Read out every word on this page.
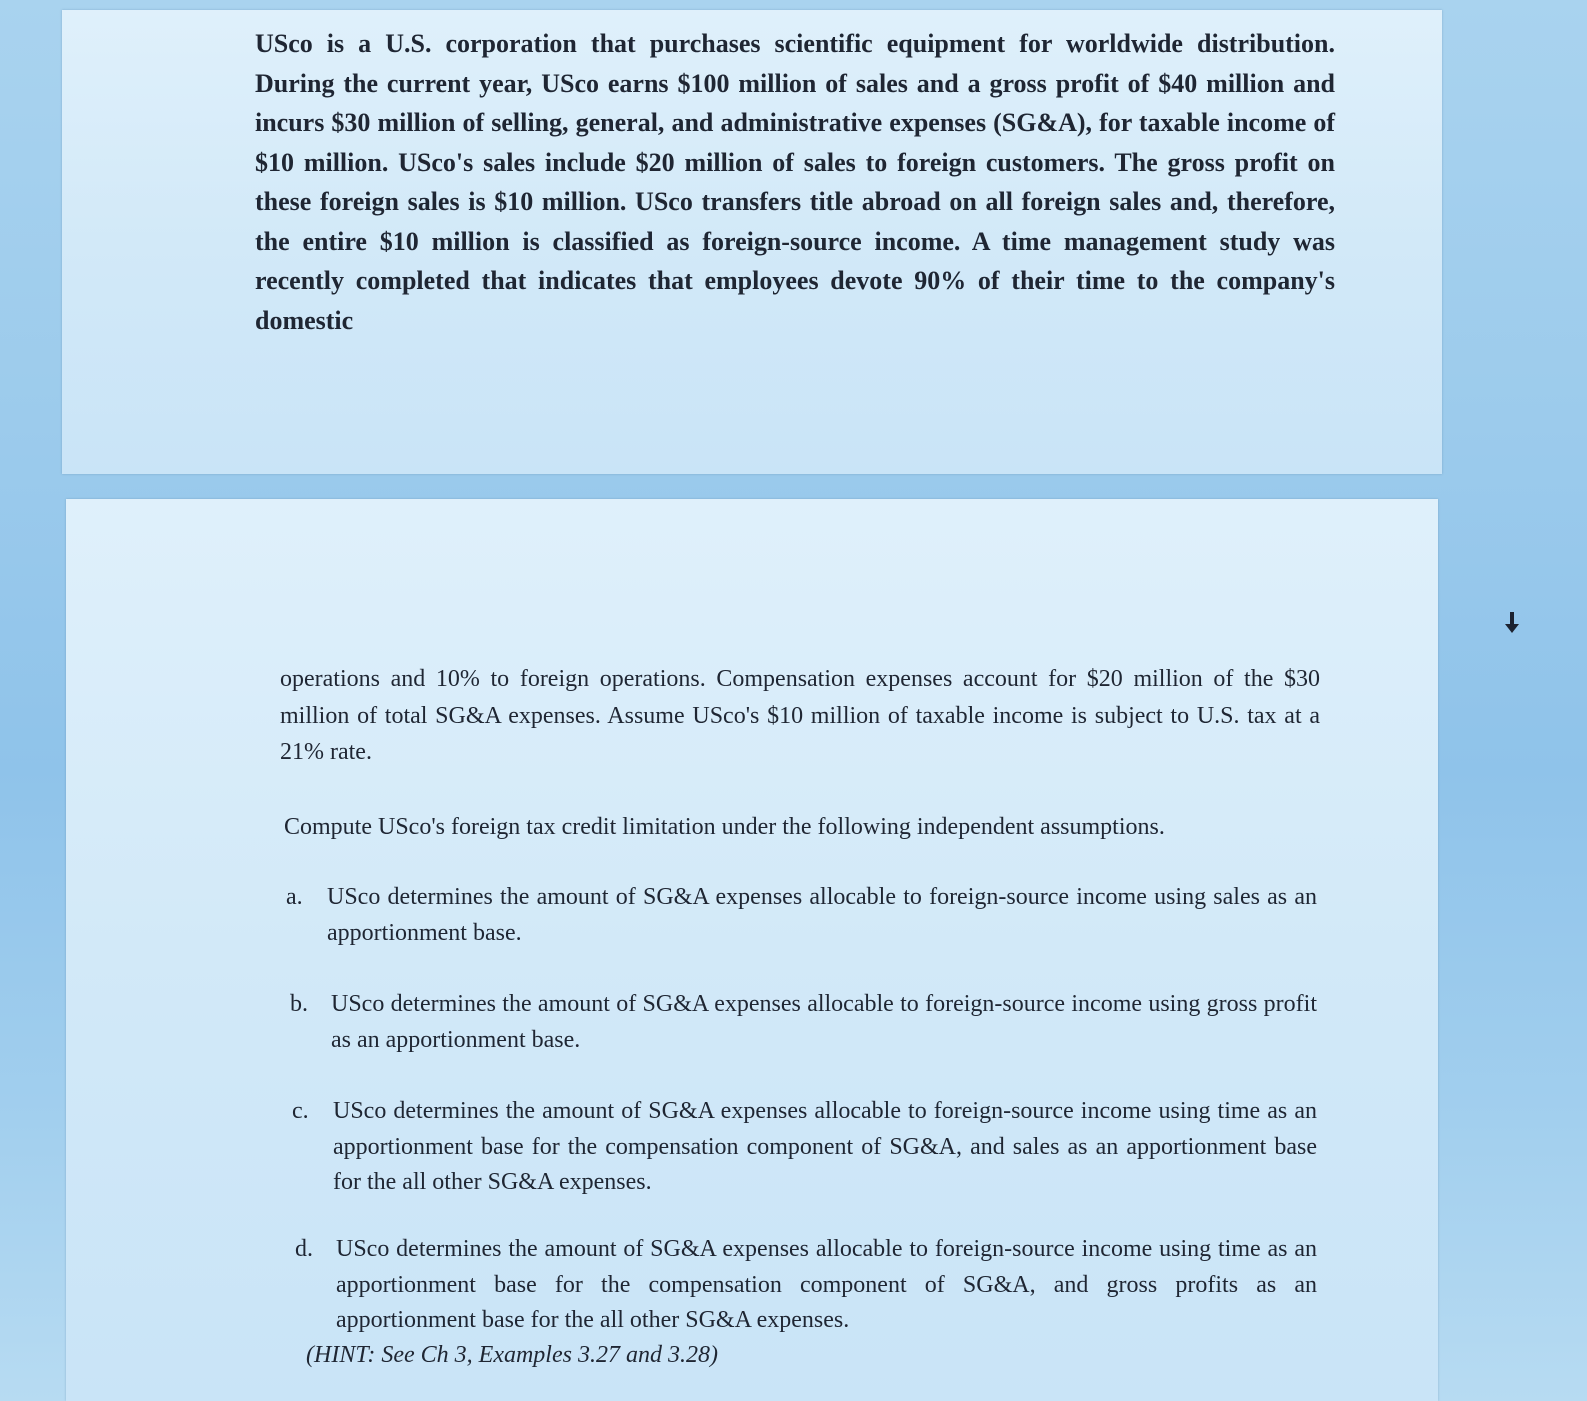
USco is a U.S. corporation that purchases scientific equipment for worldwide distribution. During the current year, USco earns $100 million of sales and a gross profit of $40 million and incurs $30 million of selling, general, and administrative expenses (SG&A), for taxable income of $10 million. USco's sales include $20 million of sales to foreign customers. The gross profit on these foreign sales is $10 million. USco transfers title abroad on all foreign sales and, therefore, the entire $10 million is classified as foreign-source income. A time management study was recently completed that indicates that employees devote 90% of their time to the company's domestic

operations and 10% to foreign operations. Compensation expenses account for $20 million of the $30 million of total SG&A expenses. Assume USco's $10 million of taxable income is subject to U.S. tax at a 21% rate.

Compute USco's foreign tax credit limitation under the following independent assumptions.

a.	USco determines the amount of SG&A expenses allocable to foreign-source income using sales as an apportionment base.

b. USco determines the amount of SG&A expenses allocable to foreign-source income using gross profit as an apportionment base.

c.	USco determines the amount of SG&A expenses allocable to foreign-source income using time as an apportionment base for the compensation component of SG&A, and sales as an apportionment base for the all other SG&A expenses.

d. USco determines the amount of SG&A expenses allocable to foreign-source income using time as an apportionment base for the compensation component of SG&A, and gross profits as an apportionment base for the all other SG&A expenses.

(HINT: See Ch 3, Examples 3.27 and 3.28)
